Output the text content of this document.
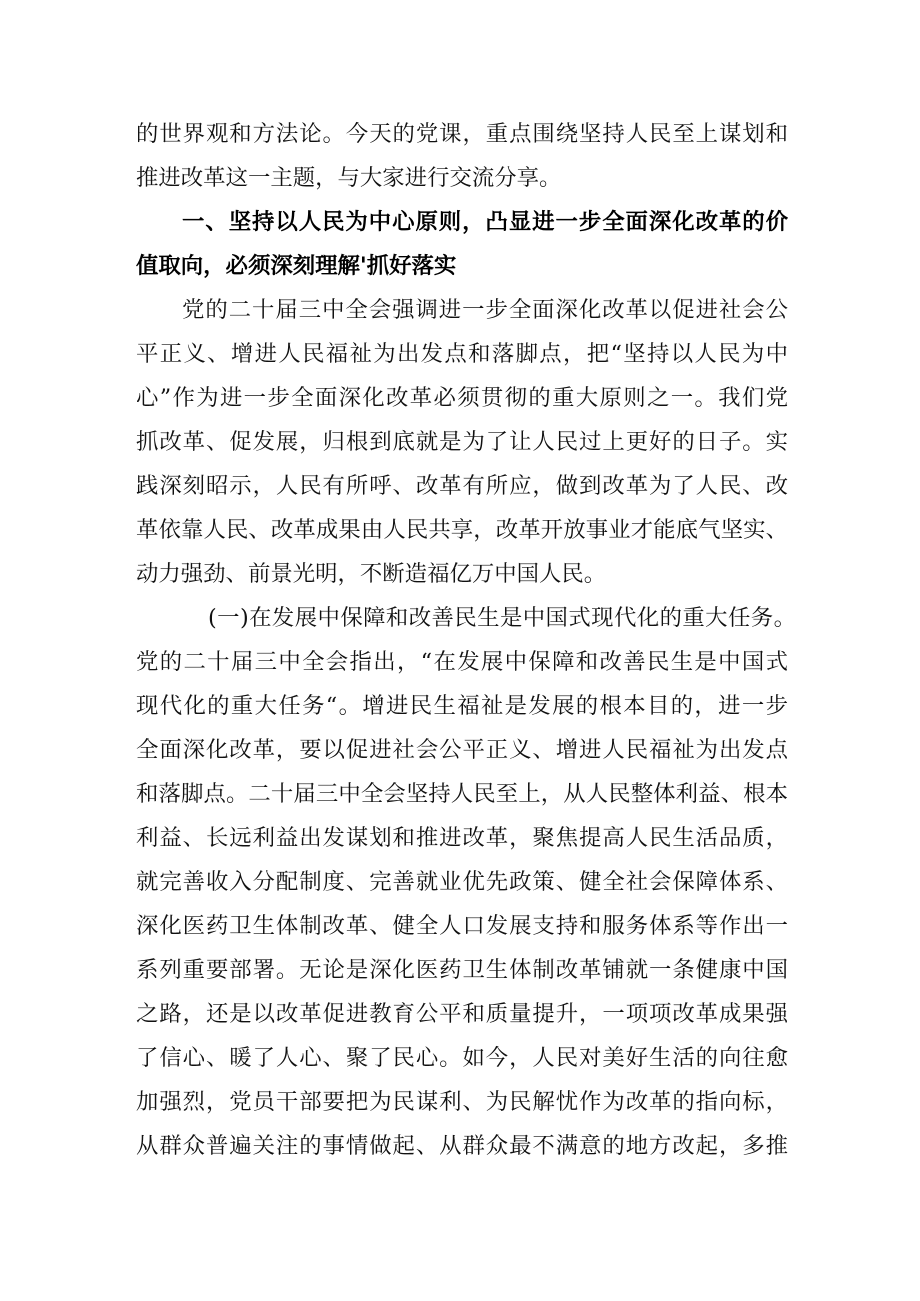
的世界观和方法论。今天的党课，重点围绕坚持人民至上谋划和
推进改革这一主题，与大家进行交流分享。
一、坚持以人民为中心原则，凸显进一步全面深化改革的价
值取向，必须深刻理解'抓好落实
党的二十届三中全会强调进一步全面深化改革以促进社会公
平正义、增进人民福祉为出发点和落脚点，把“坚持以人民为中
心”作为进一步全面深化改革必须贯彻的重大原则之一。我们党
抓改革、促发展，归根到底就是为了让人民过上更好的日子。实
践深刻昭示，人民有所呼、改革有所应，做到改革为了人民、改
革依靠人民、改革成果由人民共享，改革开放事业才能底气坚实、
动力强劲、前景光明，不断造福亿万中国人民。
(一)在发展中保障和改善民生是中国式现代化的重大任务。
党的二十届三中全会指出，“在发展中保障和改善民生是中国式
现代化的重大任务“。增进民生福祉是发展的根本目的，进一步
全面深化改革，要以促进社会公平正义、增进人民福祉为出发点
和落脚点。二十届三中全会坚持人民至上，从人民整体利益、根本
利益、长远利益出发谋划和推进改革，聚焦提高人民生活品质，
就完善收入分配制度、完善就业优先政策、健全社会保障体系、
深化医药卫生体制改革、健全人口发展支持和服务体系等作出一
系列重要部署。无论是深化医药卫生体制改革铺就一条健康中国
之路，还是以改革促进教育公平和质量提升，一项项改革成果强
了信心、暖了人心、聚了民心。如今，人民对美好生活的向往愈
加强烈，党员干部要把为民谋利、为民解忧作为改革的指向标，
从群众普遍关注的事情做起、从群众最不满意的地方改起，多推
